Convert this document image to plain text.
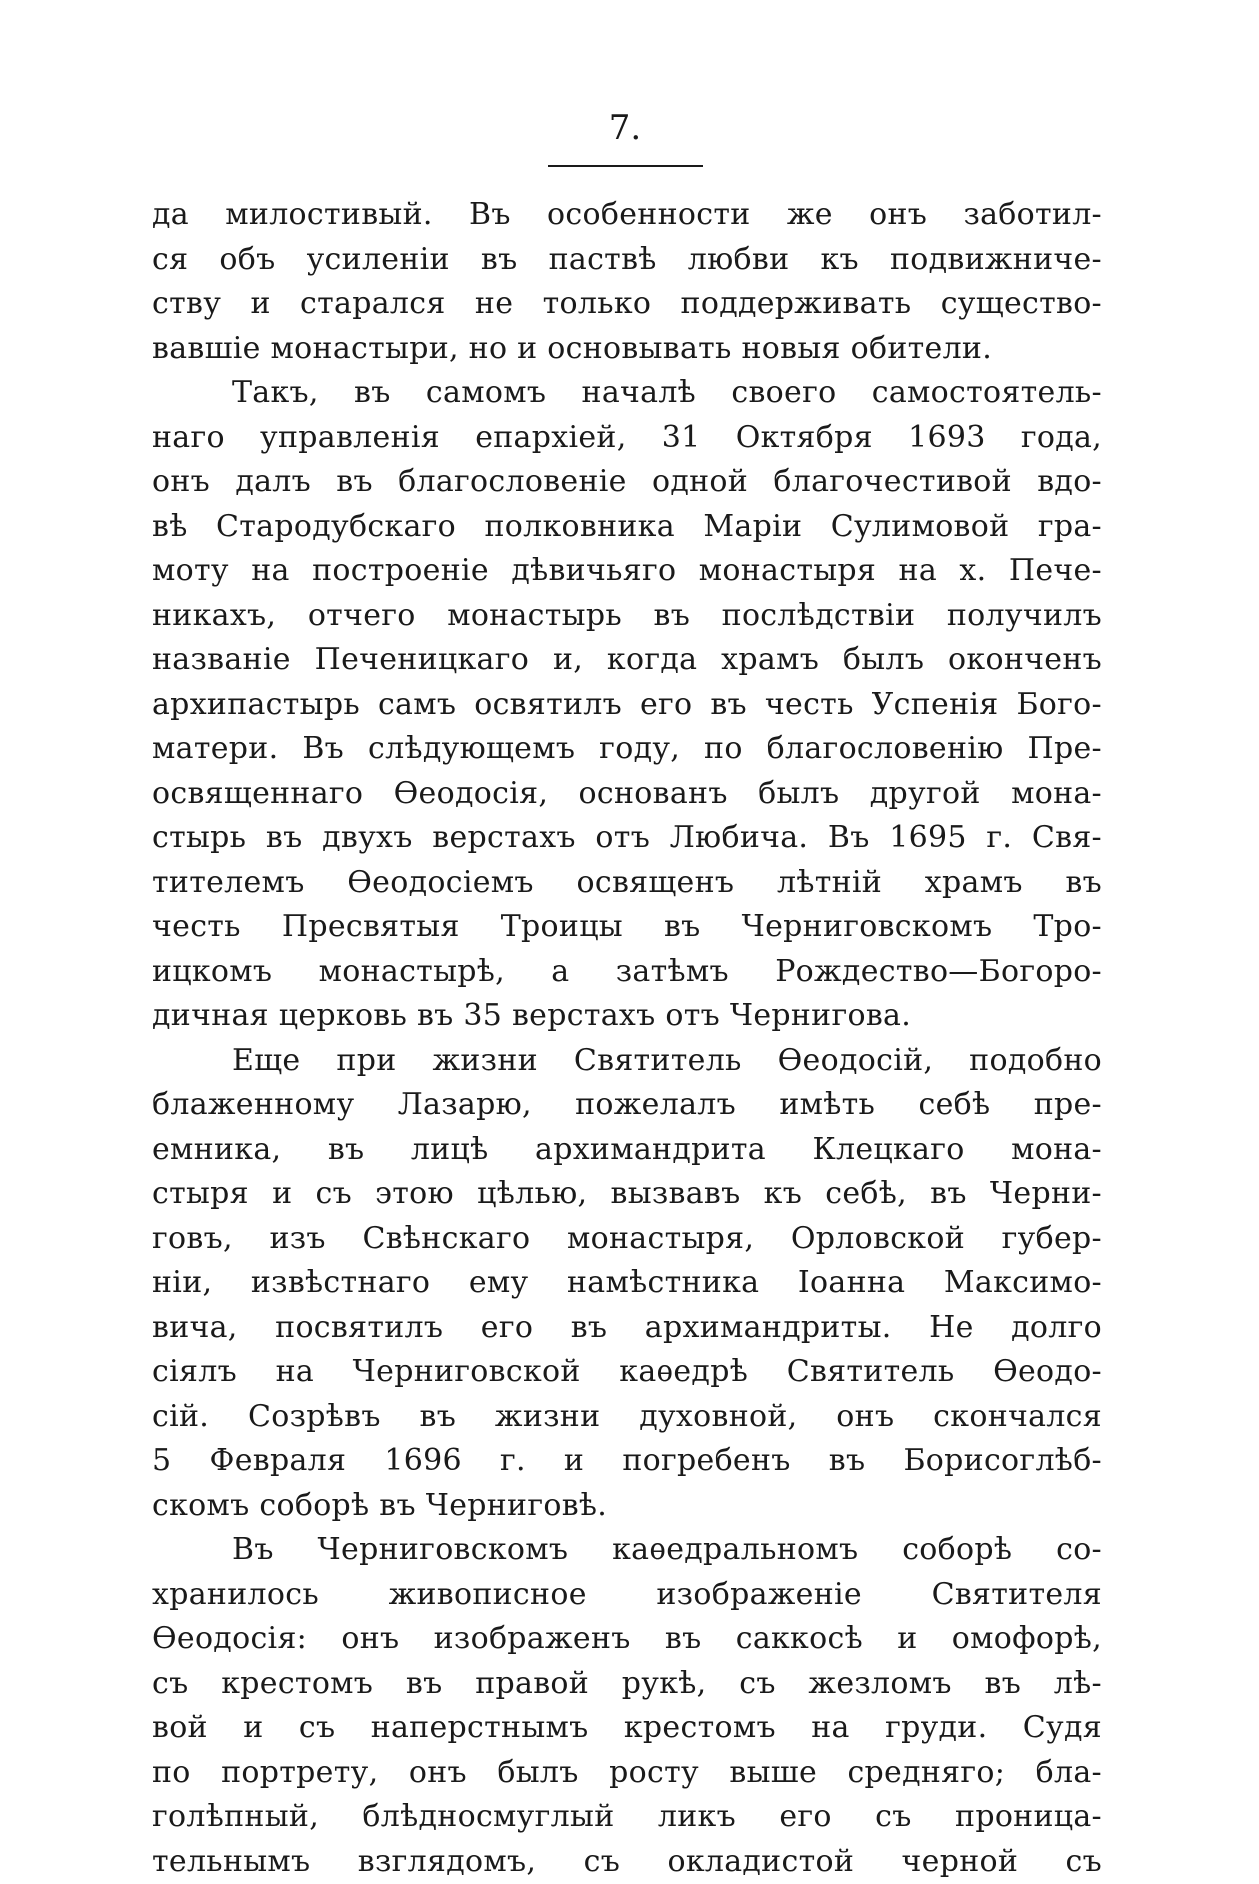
7.
да милостивый. Въ особенности же онъ заботил-
ся объ усиленіи въ паствѣ любви къ подвижниче-
ству и старался не только поддерживать существо-
вавшіе монастыри, но и основывать новыя обители.
Такъ, въ самомъ началѣ своего самостоятель-
наго управленія епархіей, 31 Октября 1693 года,
онъ далъ въ благословеніе одной благочестивой вдо-
вѣ Стародубскаго полковника Маріи Сулимовой гра-
моту на построеніе дѣвичьяго монастыря на х. Пече-
никахъ, отчего монастырь въ послѣдствіи получилъ
названіе Печеницкаго и, когда храмъ былъ оконченъ
архипастырь самъ освятилъ его въ честь Успенія Бого-
матери. Въ слѣдующемъ году, по благословенію Пре-
освященнаго Ѳеодосія, основанъ былъ другой мона-
стырь въ двухъ верстахъ отъ Любича. Въ 1695 г. Свя-
тителемъ Ѳеодосіемъ освященъ лѣтній храмъ въ
честь Пресвятыя Троицы въ Черниговскомъ Тро-
ицкомъ монастырѣ, а затѣмъ Рождество—Богоро-
дичная церковь въ 35 верстахъ отъ Чернигова.
Еще при жизни Святитель Ѳеодосій, подобно
блаженному Лазарю, пожелалъ имѣть себѣ пре-
емника, въ лицѣ архимандрита Клецкаго мона-
стыря и съ этою цѣлью, вызвавъ къ себѣ, въ Черни-
говъ, изъ Свѣнскаго монастыря, Орловской губер-
ніи, извѣстнаго ему намѣстника Іоанна Максимо-
вича, посвятилъ его въ архимандриты. Не долго
сіялъ на Черниговской каѳедрѣ Святитель Ѳеодо-
сій. Созрѣвъ въ жизни духовной, онъ скончался
5 Февраля 1696 г. и погребенъ въ Борисоглѣб-
скомъ соборѣ въ Черниговѣ.
Въ Черниговскомъ каѳедральномъ соборѣ со-
хранилось живописное изображеніе Святителя
Ѳеодосія: онъ изображенъ въ саккосѣ и омофорѣ,
съ крестомъ въ правой рукѣ, съ жезломъ въ лѣ-
вой и съ наперстнымъ крестомъ на груди. Судя
по портрету, онъ былъ росту выше средняго; бла-
голѣпный, блѣдносмуглый ликъ его съ проница-
тельнымъ взглядомъ, съ окладистой черной съ
